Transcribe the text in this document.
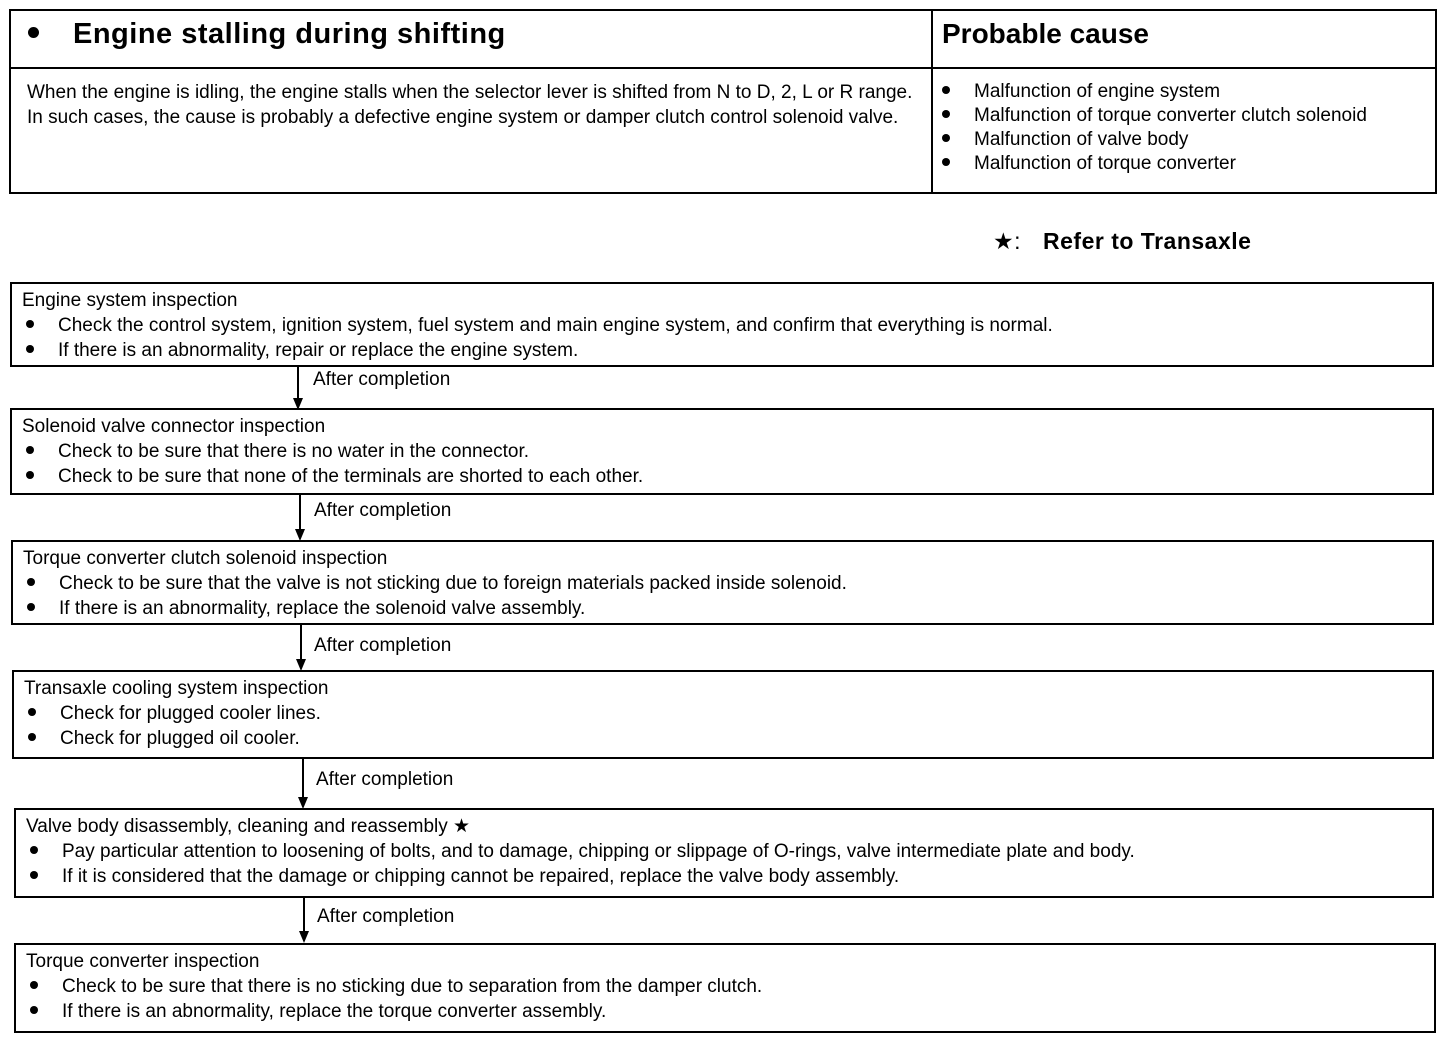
Engine stalling during shifting	Probable cause
When the engine is idling, the engine stalls when the selector lever is shifted from N to D, 2, L or R range. In such cases, the cause is probably a defective engine system or damper clutch control solenoid valve.
Malfunction of engine system
Malfunction of torque converter clutch solenoid
Malfunction of valve body
Malfunction of torque converter
★: Refer to Transaxle
Engine system inspection
Check the control system, ignition system, fuel system and main engine system, and confirm that everything is normal.
If there is an abnormality, repair or replace the engine system.
After completion
Solenoid valve connector inspection
Check to be sure that there is no water in the connector.
Check to be sure that none of the terminals are shorted to each other.
After completion
Torque converter clutch solenoid inspection
Check to be sure that the valve is not sticking due to foreign materials packed inside solenoid.
If there is an abnormality, replace the solenoid valve assembly.
After completion
Transaxle cooling system inspection
Check for plugged cooler lines.
Check for plugged oil cooler.
After completion
Valve body disassembly, cleaning and reassembly ★
Pay particular attention to loosening of bolts, and to damage, chipping or slippage of O-rings, valve intermediate plate and body.
If it is considered that the damage or chipping cannot be repaired, replace the valve body assembly.
After completion
Torque converter inspection
Check to be sure that there is no sticking due to separation from the damper clutch.
If there is an abnormality, replace the torque converter assembly.
